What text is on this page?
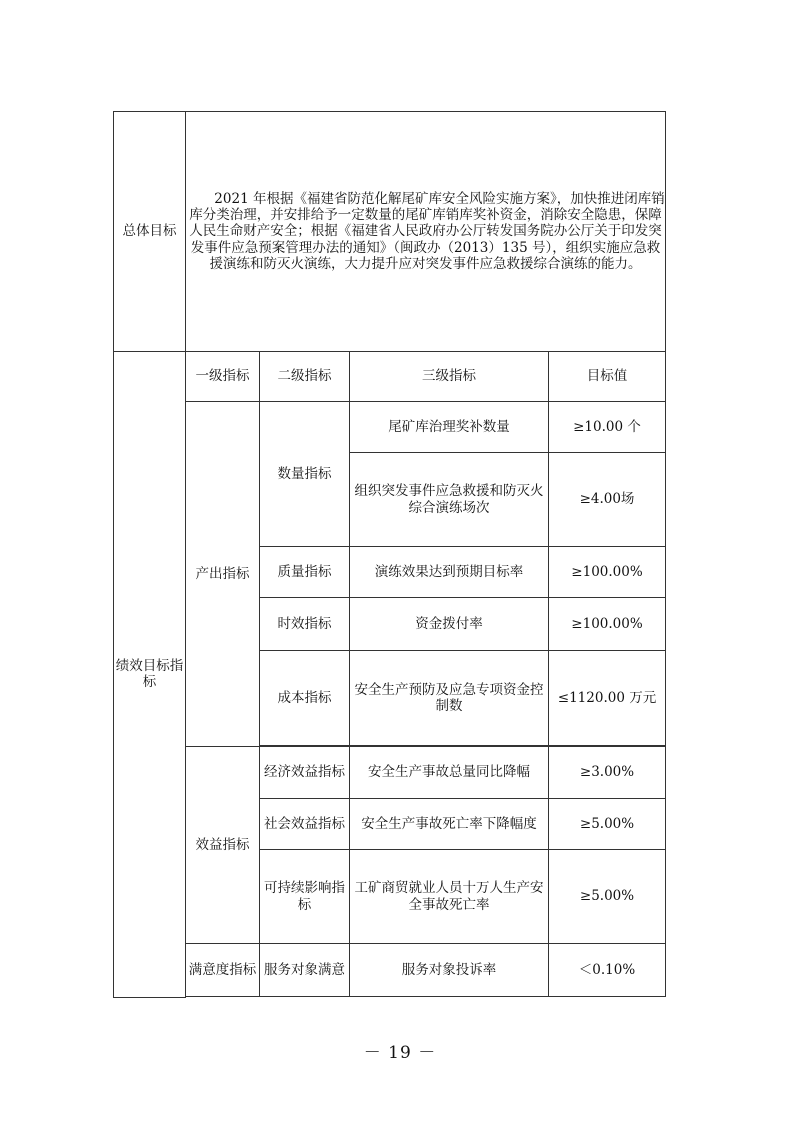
总体目标	2021 年根据《福建省防范化解尾矿库安全风险实施方案》，加快推进闭库销库分类治理，并安排给予一定数量的尾矿库销库奖补资金，消除安全隐患，保障人民生命财产安全；根据《福建省人民政府办公厅转发国务院办公厅关于印发突发事件应急预案管理办法的通知》（闽政办（2013）135 号），组织实施应急救援演练和防灭火演练，大力提升应对突发事件应急救援综合演练的能力。			
绩效目标指标	一级指标	二级指标	三级指标	目标值
	产出指标	数量指标	尾矿库治理奖补数量	≥10.00 个
			组织突发事件应急救援和防灭火综合演练场次	≥4.00场
		质量指标	演练效果达到预期目标率	≥100.00%
		时效指标	资金拨付率	≥100.00%
		成本指标	安全生产预防及应急专项资金控制数	≤1120.00 万元

	效益指标	经济效益指标	安全生产事故总量同比降幅	≥3.00%
		社会效益指标	安全生产事故死亡率下降幅度	≥5.00%
		可持续影响指标	工矿商贸就业人员十万人生产安全事故死亡率	≥5.00%
	满意度指标	服务对象满意	服务对象投诉率	＜0.10%

－ 19 －
